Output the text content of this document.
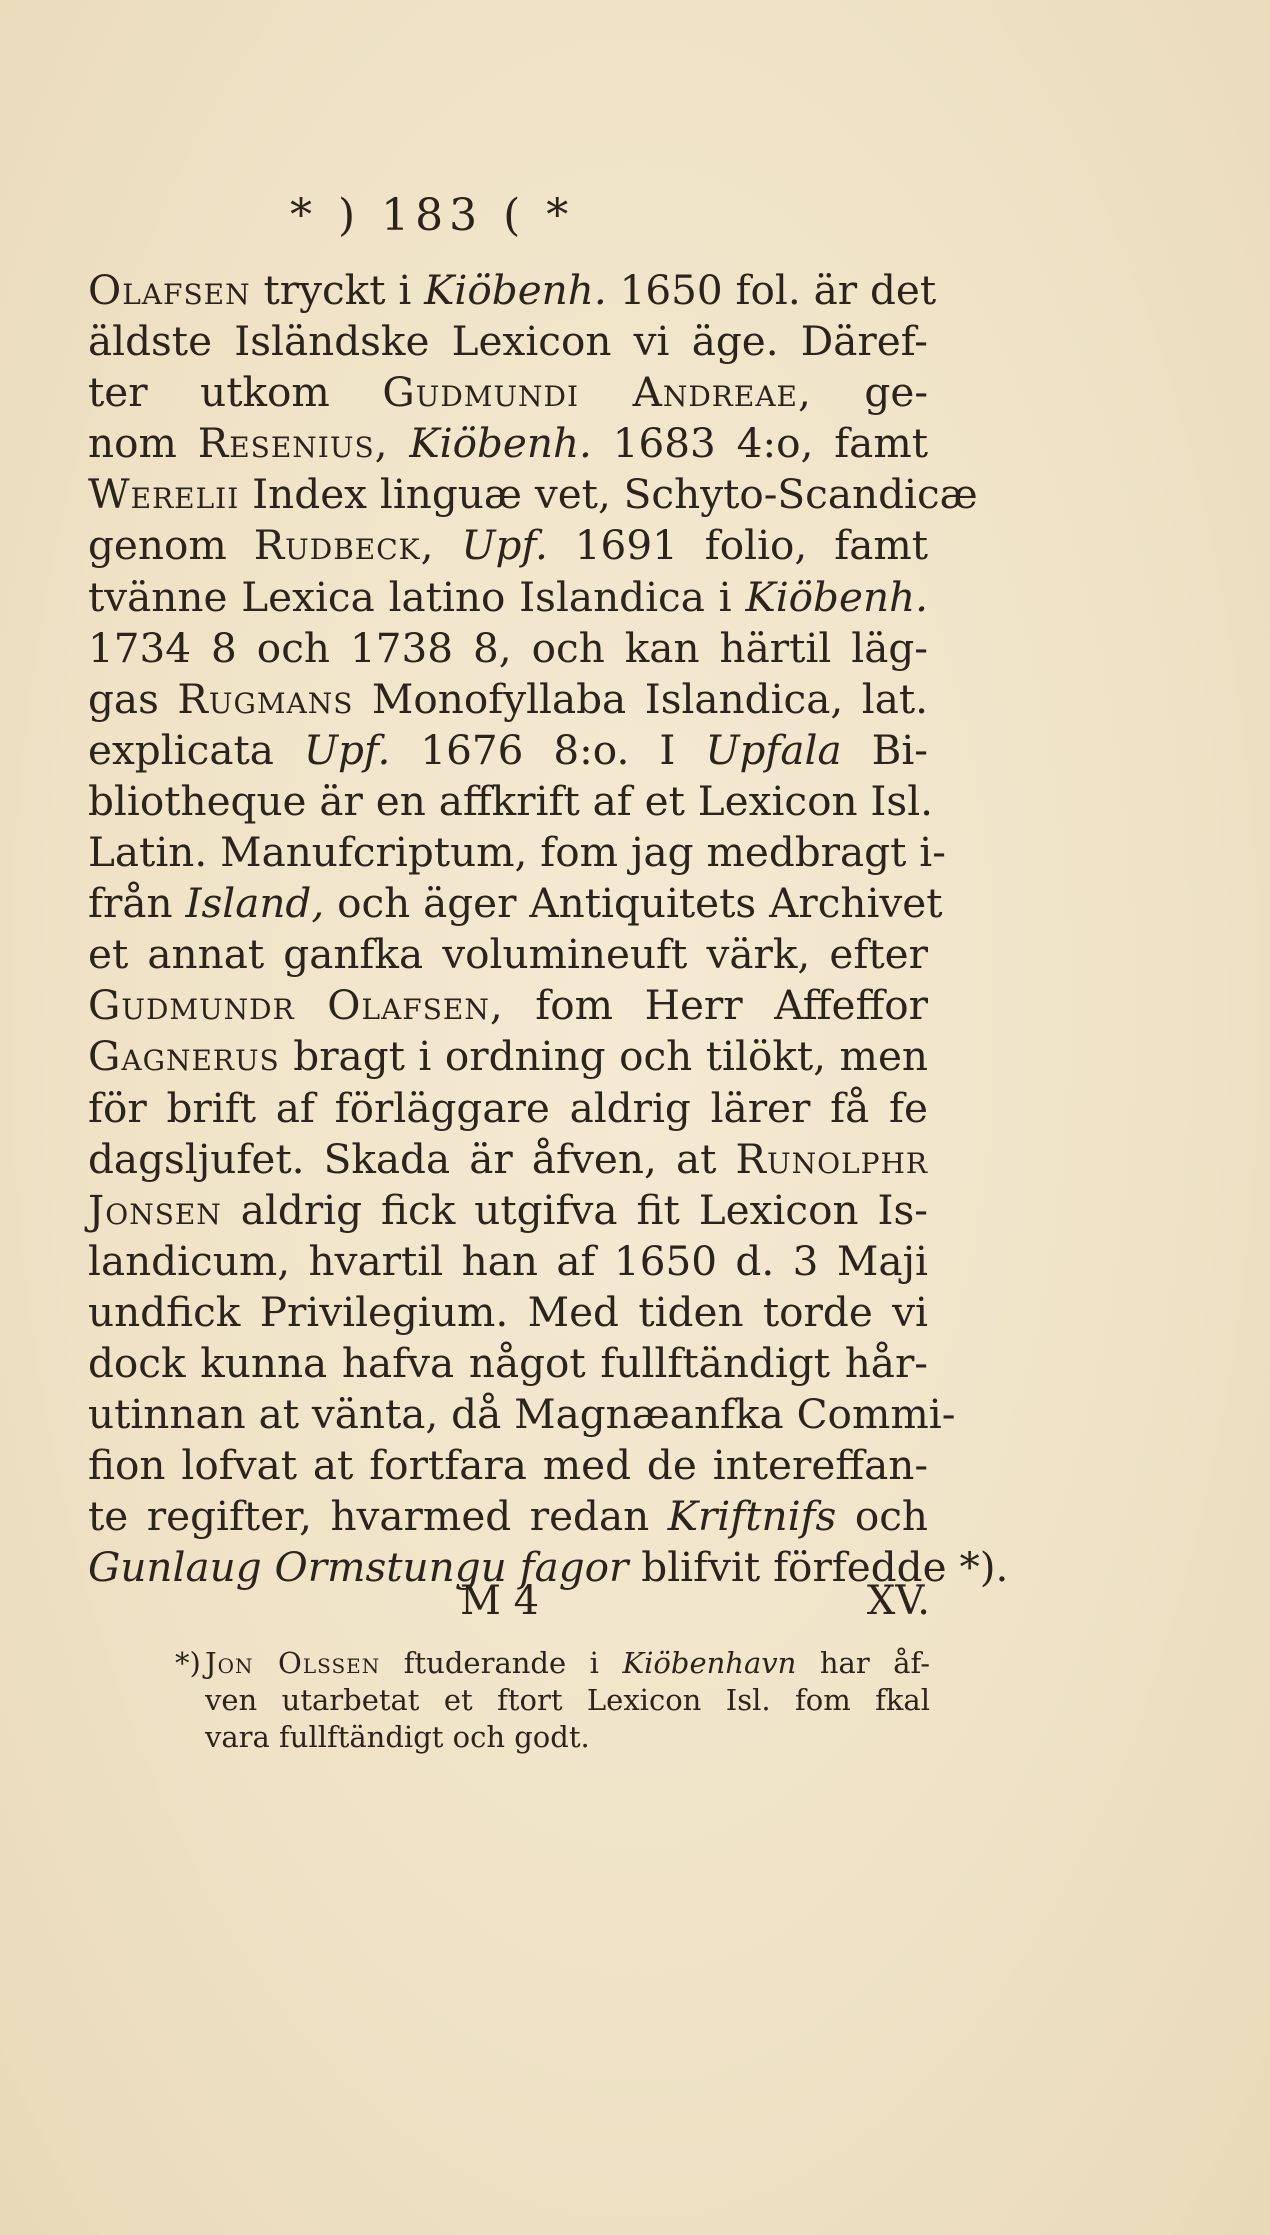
* ) 183 ( *
Olafsen tryckt i Kiöbenh. 1650 fol. är det
äldste Isländske Lexicon vi äge. Däref-
ter utkom Gudmundi Andreae, ge-
nom Resenius, Kiöbenh. 1683 4:o, famt
Werelii Index linguæ vet, Schyto-Scandicæ
genom Rudbeck, Upf. 1691 folio, famt
tvänne Lexica latino Islandica i Kiöbenh.
1734 8 och 1738 8, och kan härtil läg-
gas Rugmans Monofyllaba Islandica, lat.
explicata Upf. 1676 8:o. I Upfala Bi-
bliotheque är en affkrift af et Lexicon Isl.
Latin. Manufcriptum, fom jag medbragt i-
från Island, och äger Antiquitets Archivet
et annat ganfka volumineuft värk, efter
Gudmundr Olafsen, fom Herr Affeffor
Gagnerus bragt i ordning och tilökt, men
för brift af förläggare aldrig lärer få fe
dagsljufet. Skada är åfven, at Runolphr
Jonsen aldrig fick utgifva fit Lexicon Is-
landicum, hvartil han af 1650 d. 3 Maji
undfick Privilegium. Med tiden torde vi
dock kunna hafva något fullftändigt hår-
utinnan at vänta, då Magnæanfka Commi-
fion lofvat at fortfara med de intereffan-
te regifter, hvarmed redan Kriftnifs och
Gunlaug Ormstungu fagor blifvit förfedde *).
M 4	XV.
*) Jon Olssen ftuderande i Kiöbenhavn har åf-
ven utarbetat et ftort Lexicon Isl. fom fkal
vara fullftändigt och godt.
